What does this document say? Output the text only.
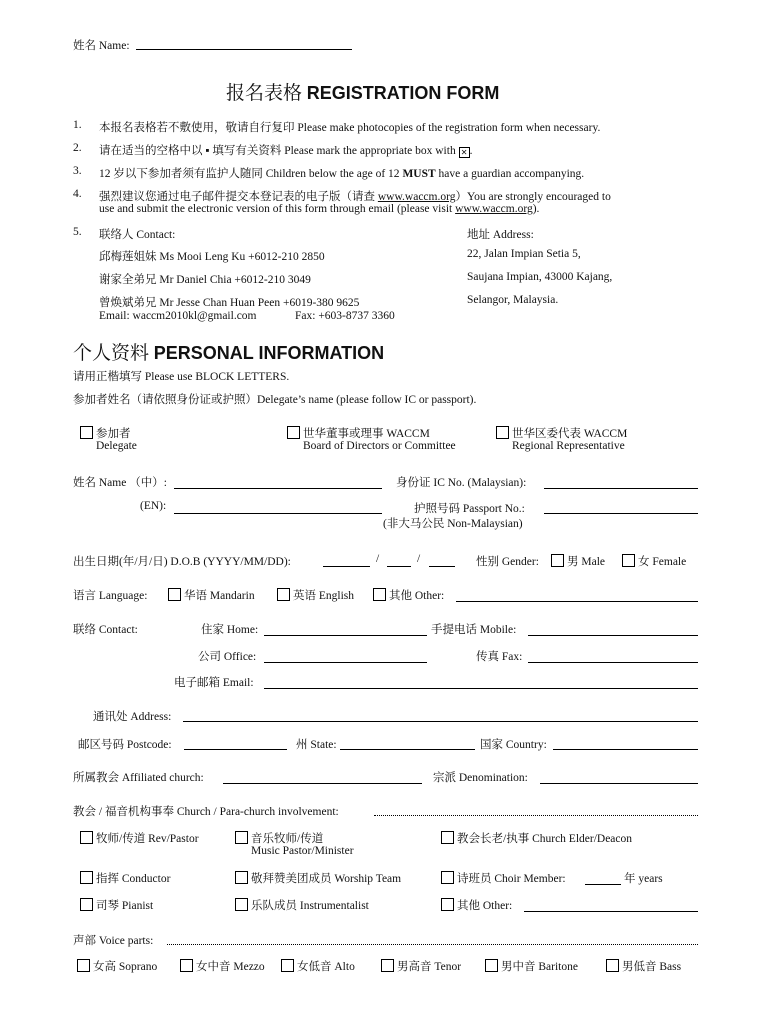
姓名 Name:
报名表格 REGISTRATION FORM
1. 本报名表格若不敷使用，敬请自行复印 Please make photocopies of the registration form when necessary.
2. 请在适当的空格中以 ▪ 填写有关资料 Please mark the appropriate box with ✕ .
3. 12 岁以下参加者须有监护人随同 Children below the age of 12 MUST have a guardian accompanying.
4. 强烈建议您通过电子邮件提交本登记表的电子版（请查 www.waccm.org）You are strongly encouraged to
use and submit the electronic version of this form through email (please visit www.waccm.org).
5. 联络人 Contact:
邱梅莲姐妹 Ms Mooi Leng Ku +6012-210 2850
谢家全弟兄 Mr Daniel Chia +6012-210 3049
曾焕斌弟兄 Mr Jesse Chan Huan Peen +6019-380 9625
Email: waccm2010kl@gmail.com	Fax: +603-8737 3360
地址 Address:
22, Jalan Impian Setia 5,
Saujana Impian, 43000 Kajang,
Selangor, Malaysia.
个人资料 PERSONAL INFORMATION
请用正楷填写 Please use BLOCK LETTERS.
参加者姓名（请依照身份证或护照）Delegate’s name (please follow IC or passport).
参加者
Delegate
世华董事或理事 WACCM
Board of Directors or Committee
世华区委代表 WACCM
Regional Representative
姓名 Name （中）:	身份证 IC No. (Malaysian):
(EN):	护照号码 Passport No.:
(非大马公民 Non-Malaysian)
出生日期(年/月/日) D.O.B (YYYY/MM/DD):	/	/	性别 Gender:	男 Male	女 Female
语言 Language:	华语 Mandarin	英语 English	其他 Other:
联络 Contact:	住家 Home:	手提电话 Mobile:
公司 Office:	传真 Fax:
电子邮箱 Email:
通讯处 Address:
邮区号码 Postcode:	州 State:	国家 Country:
所属教会 Affiliated church:	宗派 Denomination:
教会 / 福音机构事奉 Church / Para-church involvement:
牧师/传道 Rev/Pastor	音乐牧师/传道
Music Pastor/Minister
教会长老/执事 Church Elder/Deacon
指挥 Conductor	敬拜赞美团成员 Worship Team	诗班员 Choir Member:	年 years
司琴 Pianist	乐队成员 Instrumentalist	其他 Other:
声部 Voice parts:
女高 Soprano	女中音 Mezzo	女低音 Alto	男高音 Tenor	男中音 Baritone	男低音 Bass
